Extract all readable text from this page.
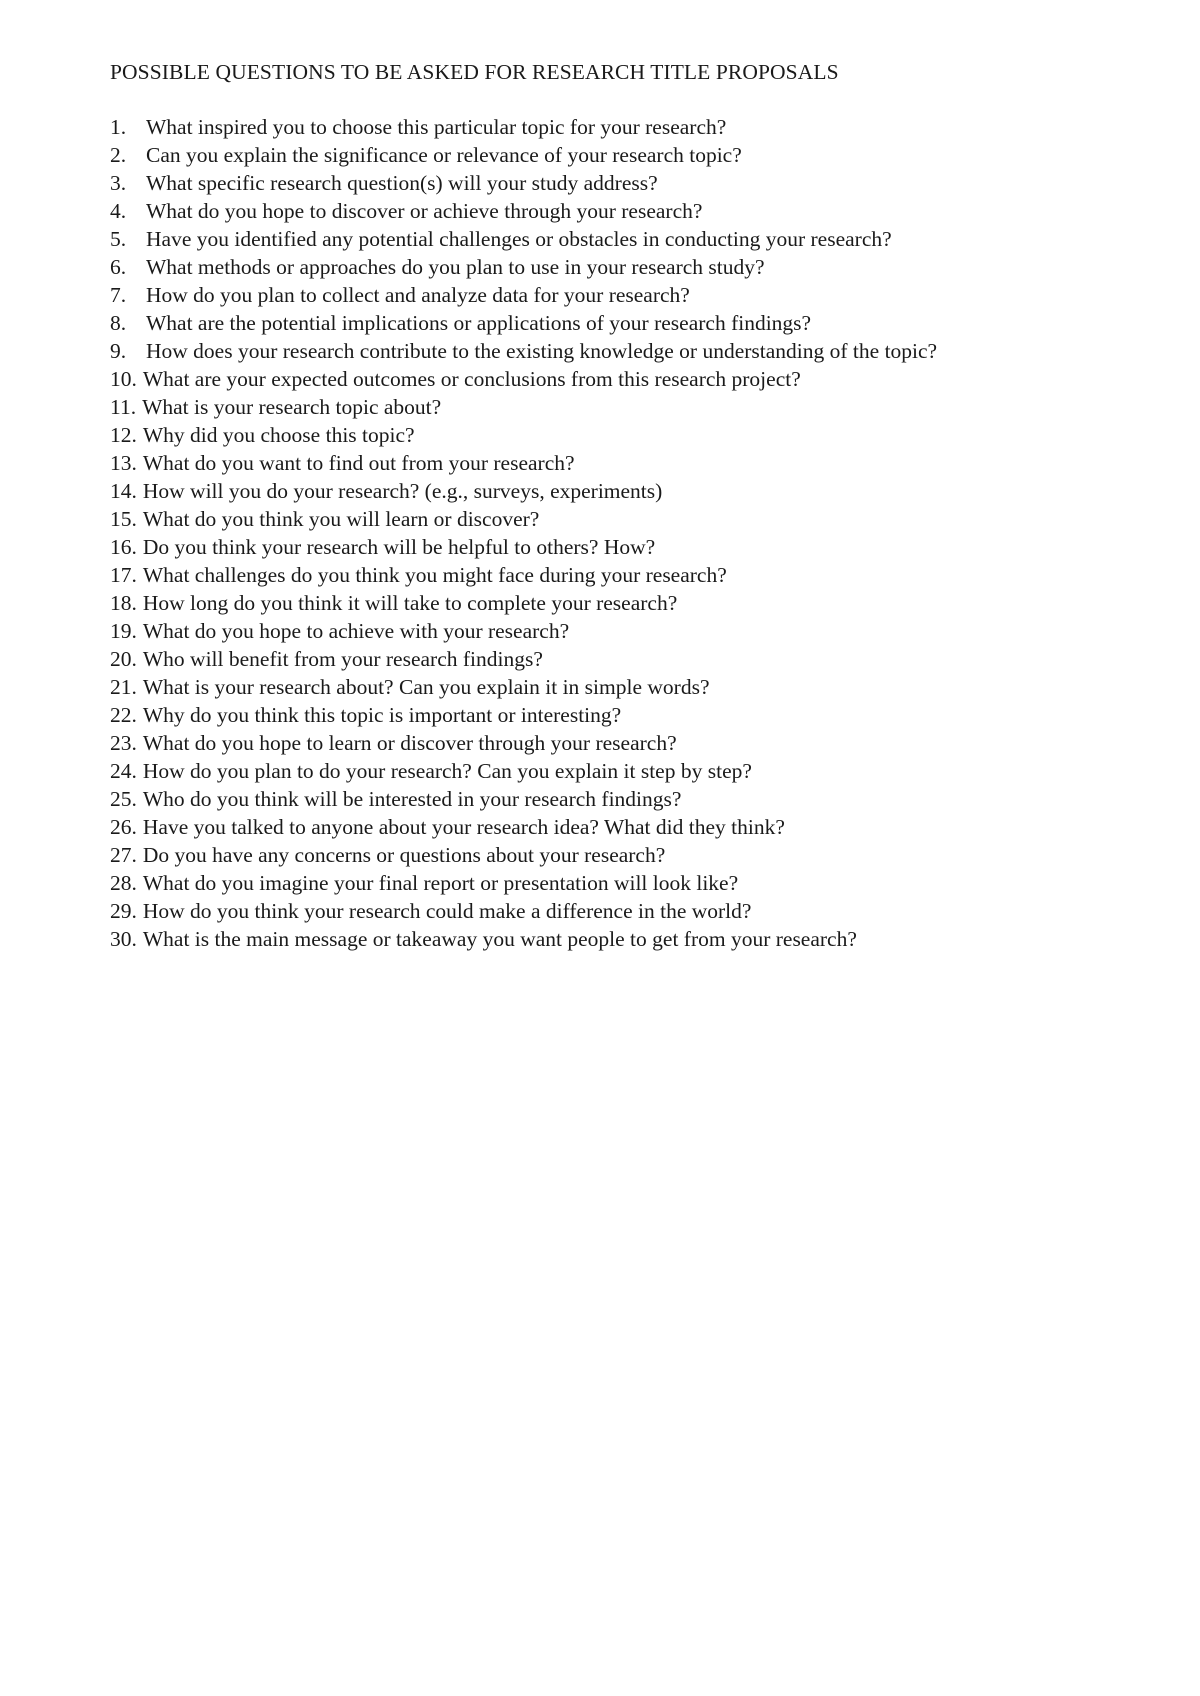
POSSIBLE QUESTIONS TO BE ASKED FOR RESEARCH TITLE PROPOSALS
1. What inspired you to choose this particular topic for your research?
2. Can you explain the significance or relevance of your research topic?
3. What specific research question(s) will your study address?
4. What do you hope to discover or achieve through your research?
5. Have you identified any potential challenges or obstacles in conducting your research?
6. What methods or approaches do you plan to use in your research study?
7. How do you plan to collect and analyze data for your research?
8. What are the potential implications or applications of your research findings?
9. How does your research contribute to the existing knowledge or understanding of the topic?
10. What are your expected outcomes or conclusions from this research project?
11. What is your research topic about?
12. Why did you choose this topic?
13. What do you want to find out from your research?
14. How will you do your research? (e.g., surveys, experiments)
15. What do you think you will learn or discover?
16. Do you think your research will be helpful to others? How?
17. What challenges do you think you might face during your research?
18. How long do you think it will take to complete your research?
19. What do you hope to achieve with your research?
20. Who will benefit from your research findings?
21. What is your research about? Can you explain it in simple words?
22. Why do you think this topic is important or interesting?
23. What do you hope to learn or discover through your research?
24. How do you plan to do your research? Can you explain it step by step?
25. Who do you think will be interested in your research findings?
26. Have you talked to anyone about your research idea? What did they think?
27. Do you have any concerns or questions about your research?
28. What do you imagine your final report or presentation will look like?
29. How do you think your research could make a difference in the world?
30. What is the main message or takeaway you want people to get from your research?
